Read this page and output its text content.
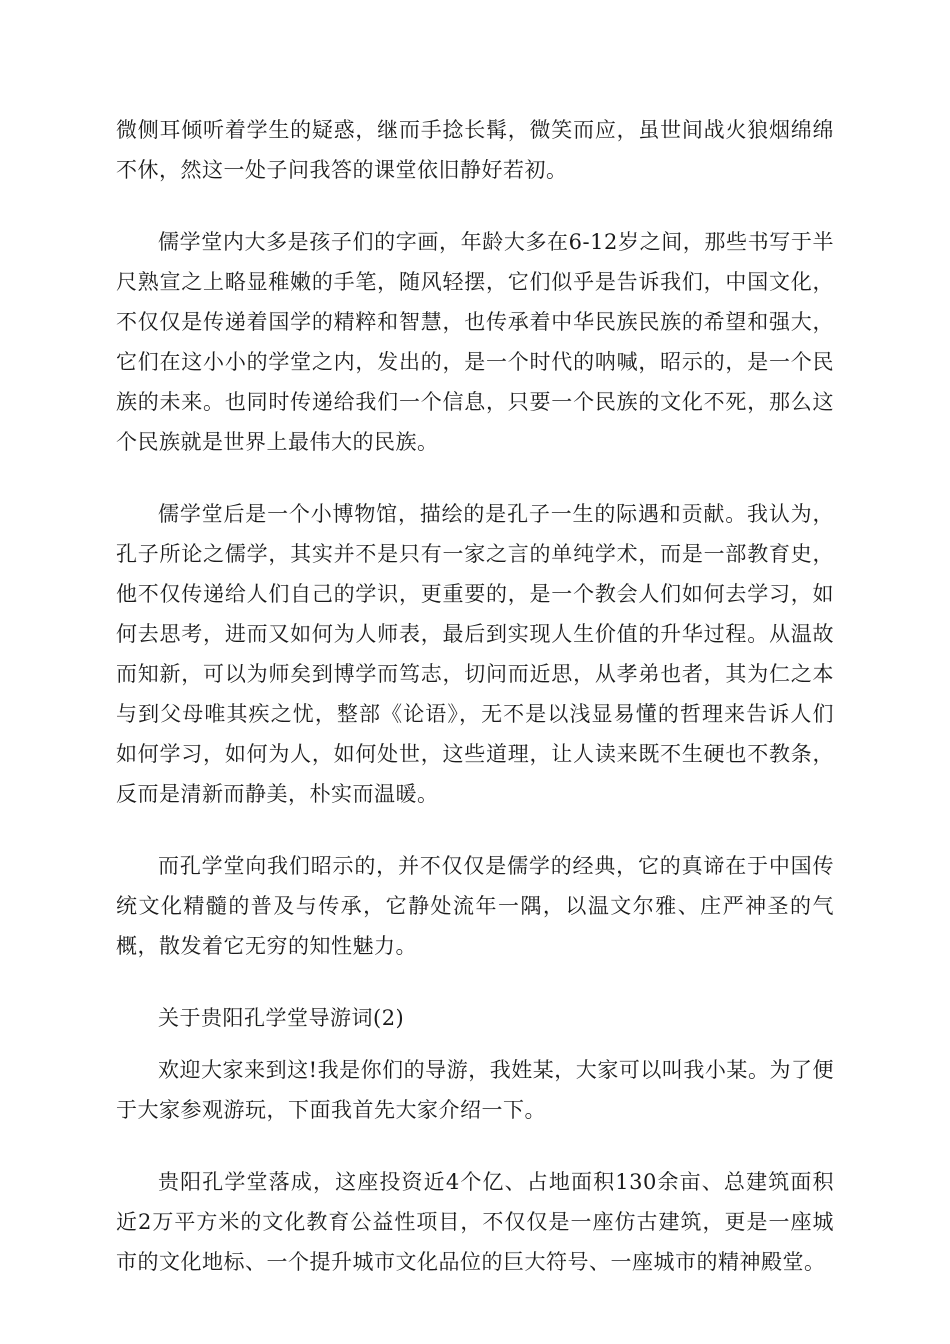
微侧耳倾听着学生的疑惑，继而手捻长髯，微笑而应，虽世间战火狼烟绵绵不休，然这一处子问我答的课堂依旧静好若初。

儒学堂内大多是孩子们的字画，年龄大多在6-12岁之间，那些书写于半尺熟宣之上略显稚嫩的手笔，随风轻摆，它们似乎是告诉我们，中国文化，不仅仅是传递着国学的精粹和智慧，也传承着中华民族民族的希望和强大，它们在这小小的学堂之内，发出的，是一个时代的呐喊，昭示的，是一个民族的未来。也同时传递给我们一个信息，只要一个民族的文化不死，那么这个民族就是世界上最伟大的民族。

儒学堂后是一个小博物馆，描绘的是孔子一生的际遇和贡献。我认为，孔子所论之儒学，其实并不是只有一家之言的单纯学术，而是一部教育史，他不仅传递给人们自己的学识，更重要的，是一个教会人们如何去学习，如何去思考，进而又如何为人师表，最后到实现人生价值的升华过程。从温故而知新，可以为师矣到博学而笃志，切问而近思，从孝弟也者，其为仁之本与到父母唯其疾之忧，整部《论语》，无不是以浅显易懂的哲理来告诉人们如何学习，如何为人，如何处世，这些道理，让人读来既不生硬也不教条，反而是清新而静美，朴实而温暖。

而孔学堂向我们昭示的，并不仅仅是儒学的经典，它的真谛在于中国传统文化精髓的普及与传承，它静处流年一隅，以温文尔雅、庄严神圣的气概，散发着它无穷的知性魅力。

关于贵阳孔学堂导游词(2)

欢迎大家来到这!我是你们的导游，我姓某，大家可以叫我小某。为了便于大家参观游玩，下面我首先大家介绍一下。

贵阳孔学堂落成，这座投资近4个亿、占地面积130余亩、总建筑面积近2万平方米的文化教育公益性项目，不仅仅是一座仿古建筑，更是一座城市的文化地标、一个提升城市文化品位的巨大符号、一座城市的精神殿堂。
